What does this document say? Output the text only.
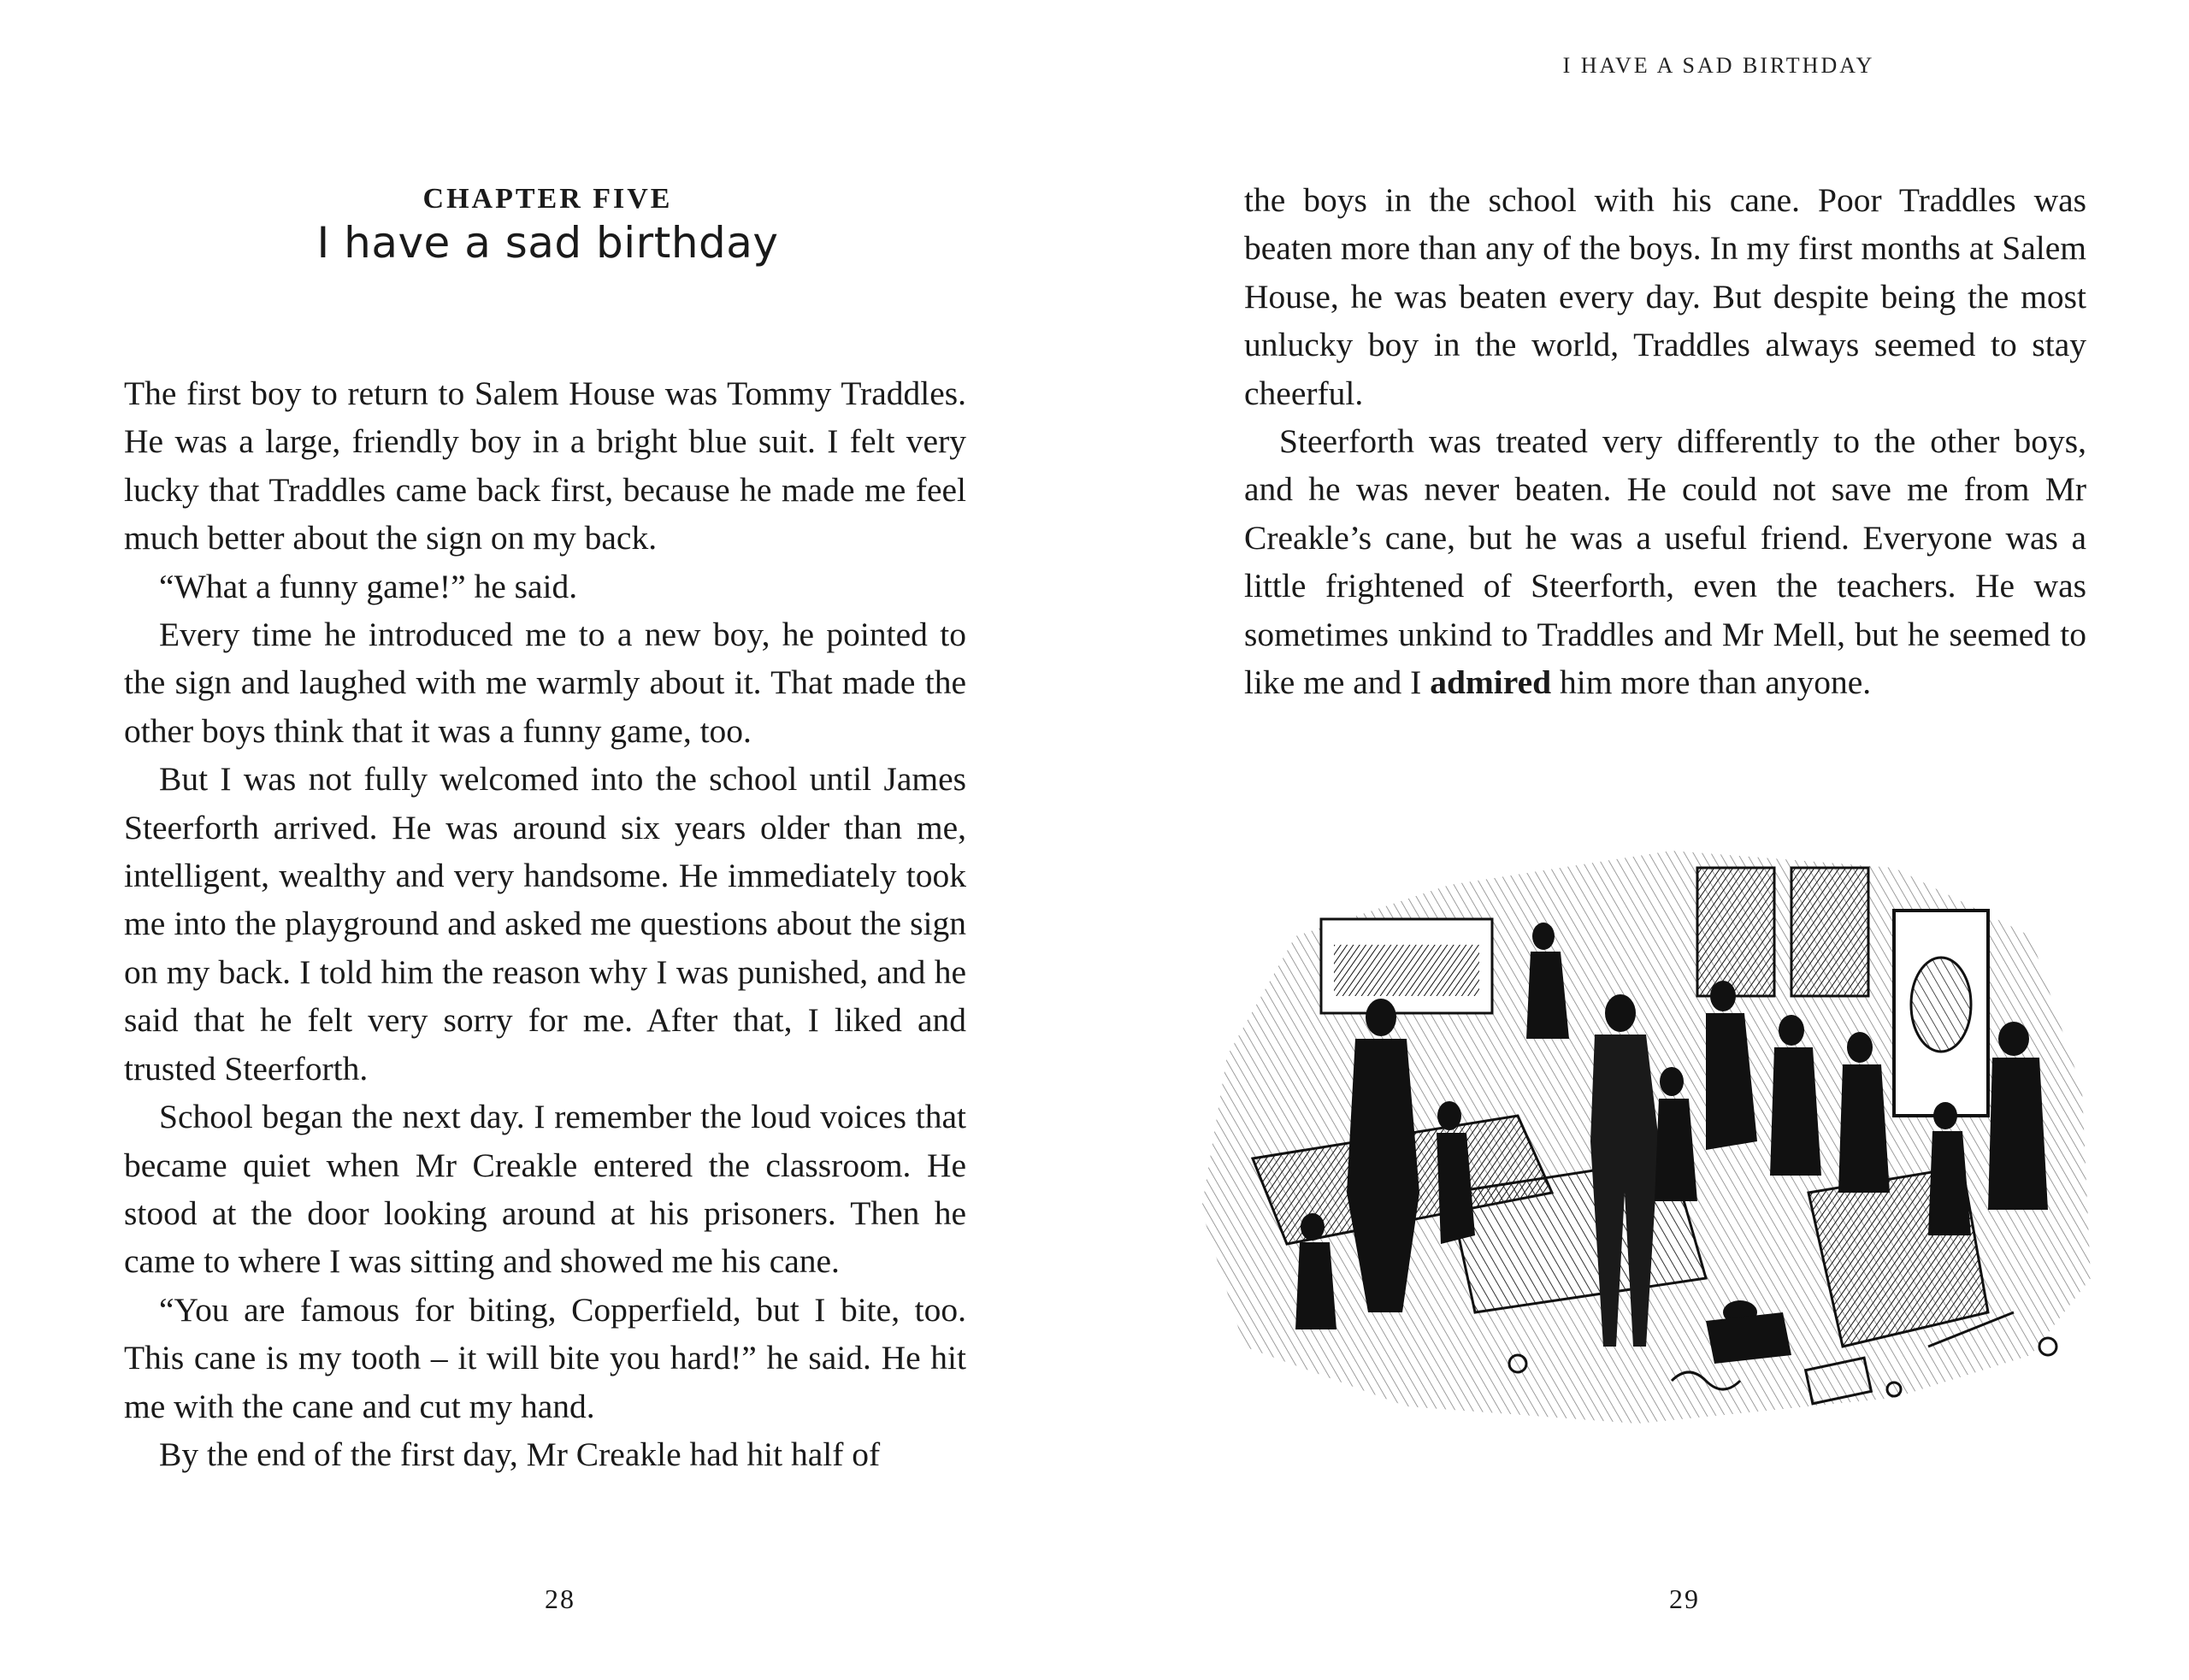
CHAPTER FIVE
I have a sad birthday

The first boy to return to Salem House was Tommy Traddles. He was a large, friendly boy in a bright blue suit. I felt very lucky that Traddles came back first, because he made me feel much better about the sign on my back.

“What a funny game!” he said.

Every time he introduced me to a new boy, he pointed to the sign and laughed with me warmly about it. That made the other boys think that it was a funny game, too.

But I was not fully welcomed into the school until James Steerforth arrived. He was around six years older than me, intelligent, wealthy and very handsome. He immediately took me into the playground and asked me questions about the sign on my back. I told him the reason why I was punished, and he said that he felt very sorry for me. After that, I liked and trusted Steerforth.

School began the next day. I remember the loud voices that became quiet when Mr Creakle entered the classroom. He stood at the door looking around at his prisoners. Then he came to where I was sitting and showed me his cane.

“You are famous for biting, Copperfield, but I bite, too. This cane is my tooth – it will bite you hard!” he said. He hit me with the cane and cut my hand.

By the end of the first day, Mr Creakle had hit half of

28
I HAVE A SAD BIRTHDAY

the boys in the school with his cane. Poor Traddles was beaten more than any of the boys. In my first months at Salem House, he was beaten every day. But despite being the most unlucky boy in the world, Traddles always seemed to stay cheerful.

Steerforth was treated very differently to the other boys, and he was never beaten. He could not save me from Mr Creakle’s cane, but he was a useful friend. Everyone was a little frightened of Steerforth, even the teachers. He was sometimes unkind to Traddles and Mr Mell, but he seemed to like me and I admired him more than anyone.

29
